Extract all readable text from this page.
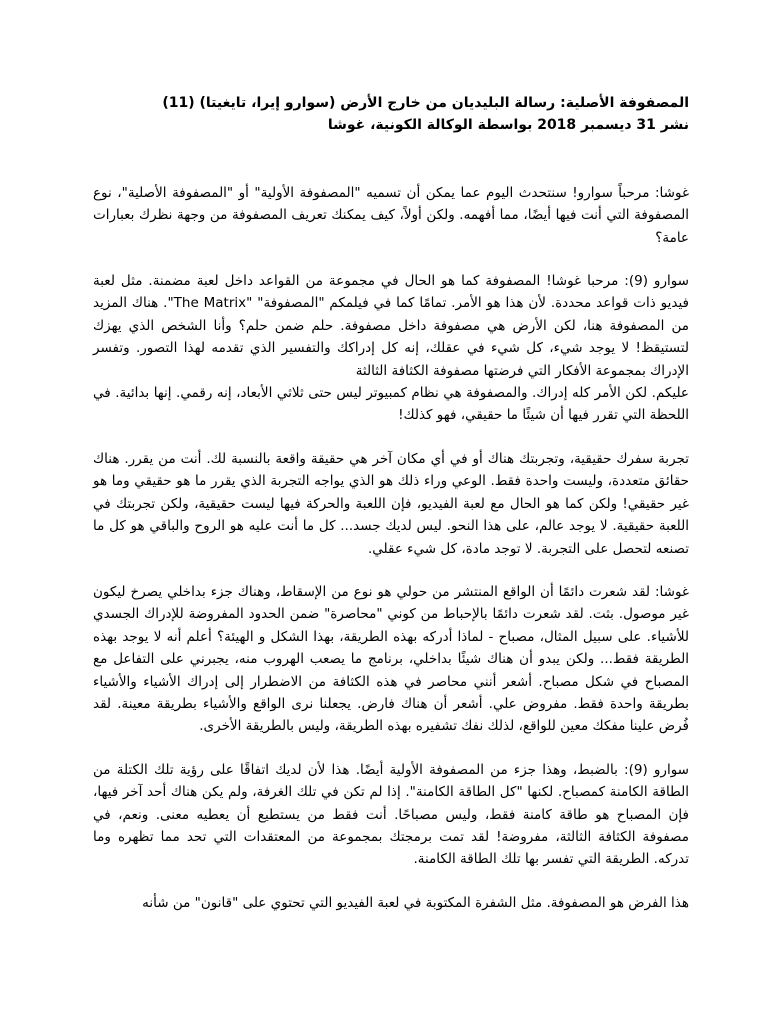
المصفوفة الأصلية: رسالة البليديان من خارج الأرض (سوارو إيرا، تايغيتا) (11)
نشر 31 ديسمبر 2018 بواسطة الوكالة الكونية، غوشا

غوشا: مرحباً سوارو! سنتحدث اليوم عما يمكن أن تسميه "المصفوفة الأولية" أو "المصفوفة الأصلية"، نوع المصفوفة التي أنت فيها أيضًا، مما أفهمه. ولكن أولاً، كيف يمكنك تعريف المصفوفة من وجهة نظرك بعبارات عامة؟

سوارو (9): مرحبا غوشا! المصفوفة كما هو الحال في مجموعة من القواعد داخل لعبة مضمنة. مثل لعبة فيديو ذات قواعد محددة. لأن هذا هو الأمر. تمامًا كما في فيلمكم "المصفوفة" "The Matrix". هناك المزيد من المصفوفة هنا، لكن الأرض هي مصفوفة داخل مصفوفة. حلم ضمن حلم؟ وأنا الشخص الذي يهزك لتستيقظ! لا يوجد شيء، كل شيء في عقلك، إنه كل إدراكك والتفسير الذي تقدمه لهذا التصور. وتفسر الإدراك بمجموعة الأفكار التي فرضتها مصفوفة الكثافة الثالثة

عليكم. لكن الأمر كله إدراك. والمصفوفة هي نظام كمبيوتر ليس حتى ثلاثي الأبعاد، إنه رقمي. إنها بدائية. في اللحظة التي تقرر فيها أن شيئًا ما حقيقي، فهو كذلك!

تجربة سفرك حقيقية، وتجربتك هناك أو في أي مكان آخر هي حقيقة واقعة بالنسبة لك. أنت من يقرر. هناك حقائق متعددة، وليست واحدة فقط. الوعي وراء ذلك هو الذي يواجه التجربة الذي يقرر ما هو حقيقي وما هو غير حقيقي! ولكن كما هو الحال مع لعبة الفيديو، فإن اللعبة والحركة فيها ليست حقيقية، ولكن تجربتك في اللعبة حقيقية. لا يوجد عالم، على هذا النحو. ليس لديك جسد... كل ما أنت عليه هو الروح والباقي هو كل ما تصنعه لتحصل على التجربة. لا توجد مادة، كل شيء عقلي.

غوشا: لقد شعرت دائمًا أن الواقع المنتشر من حولي هو نوع من الإسقاط، وهناك جزء بداخلي يصرخ ليكون غير موصول. بثت. لقد شعرت دائمًا بالإحباط من كوني "محاصرة" ضمن الحدود المفروضة للإدراك الجسدي للأشياء. على سبيل المثال، مصباح - لماذا أدركه بهذه الطريقة، بهذا الشكل و الهيئة؟ أعلم أنه لا يوجد بهذه الطريقة فقط... ولكن يبدو أن هناك شيئًا بداخلي، برنامج ما يصعب الهروب منه، يجبرني على التفاعل مع المصباح في شكل مصباح. أشعر أنني محاصر في هذه الكثافة من الاضطرار إلى إدراك الأشياء والأشياء بطريقة واحدة فقط. مفروض علي. أشعر أن هناك فارض. يجعلنا نرى الواقع والأشياء بطريقة معينة. لقد فُرض علينا مفكك معين للواقع، لذلك نفك تشفيره بهذه الطريقة، وليس بالطريقة الأخرى.

سوارو (9): بالضبط، وهذا جزء من المصفوفة الأولية أيضًا. هذا لأن لديك اتفاقًا على رؤية تلك الكتلة من الطاقة الكامنة كمصباح. لكنها "كل الطاقة الكامنة". إذا لم تكن في تلك الغرفة، ولم يكن هناك أحد آخر فيها، فإن المصباح هو طاقة كامنة فقط، وليس مصباحًا. أنت فقط من يستطيع أن يعطيه معنى. ونعم، في مصفوفة الكثافة الثالثة، مفروضة! لقد تمت برمجتك بمجموعة من المعتقدات التي تحد مما تظهره وما تدركه. الطريقة التي تفسر بها تلك الطاقة الكامنة.

هذا الفرض هو المصفوفة. مثل الشفرة المكتوبة في لعبة الفيديو التي تحتوي على "قانون" من شأنه
